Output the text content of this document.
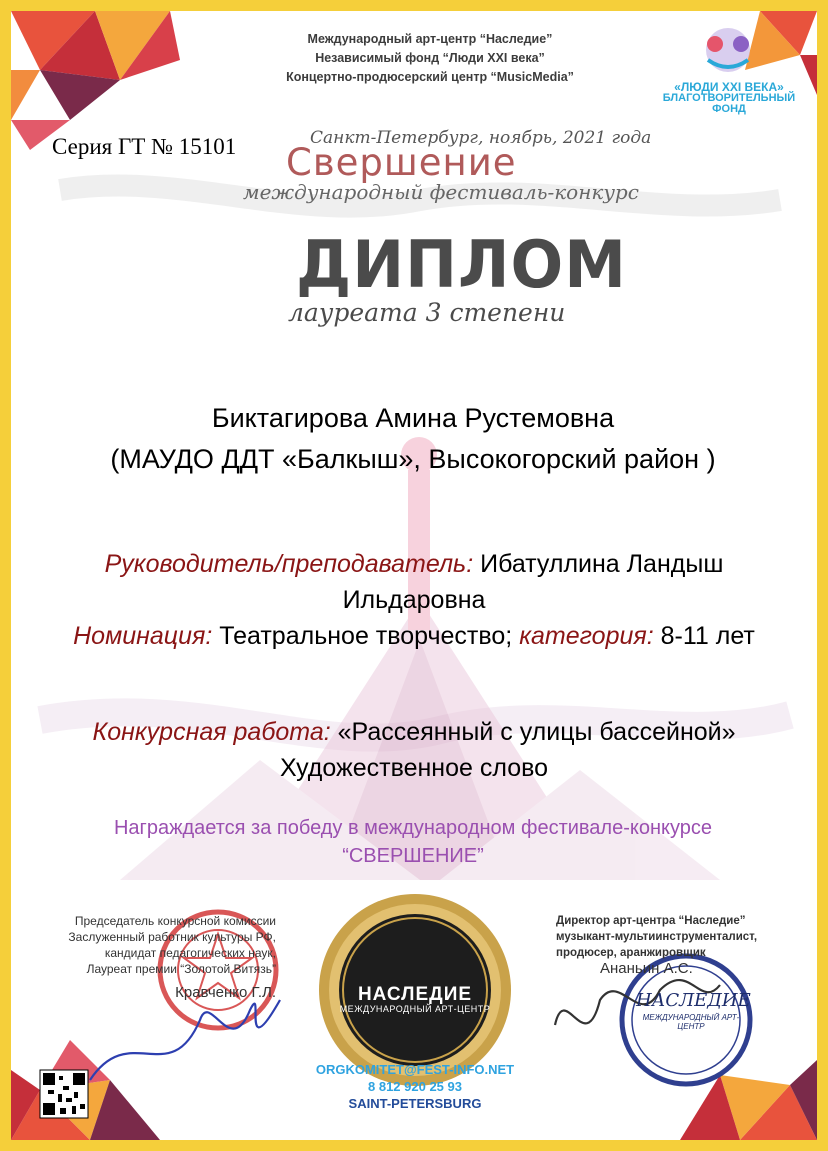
Международный арт-центр “Наследие”
Независимый фонд “Люди XXI века”
Концертно-продюсерский центр “MusicMedia”
«ЛЮДИ XXI ВЕКА»
БЛАГОТВОРИТЕЛЬНЫЙ
ФОНД
Серия ГТ № 15101	Санкт-Петербург, ноябрь, 2021 года
Свершение
международный фестиваль-конкурс
ДИПЛОМ
лауреата 3 степени
Биктагирова Амина Рустемовна
(МАУДО ДДТ «Балкыш», Высокогорский район )
Руководитель/преподаватель: Ибатуллина Ландыш Ильдаровна
Номинация: Театральное творчество; категория: 8-11 лет
Конкурсная работа: «Рассеянный с улицы бассейной»
Художественное слово
Награждается за победу в международном фестивале-конкурсе
“СВЕРШЕНИЕ”
Председатель конкурсной комиссии
Заслуженный работник культуры РФ,
кандидат педагогических наук,
Лауреат премии “Золотой Витязь”
Кравченко Г.Л.
Директор арт-центра “Наследие”
музыкант-мультиинструменталист,
продюсер, аранжировщик
Ананьин А.С.
НАСЛЕДИЕ
МЕЖДУНАРОДНЫЙ АРТ-ЦЕНТР	НАСЛЕДИЕ
МЕЖДУНАРОДНЫЙ АРТ-ЦЕНТР
ORGKOMITET@FEST-INFO.NET
8 812 920 25 93
SAINT-PETERSBURG
